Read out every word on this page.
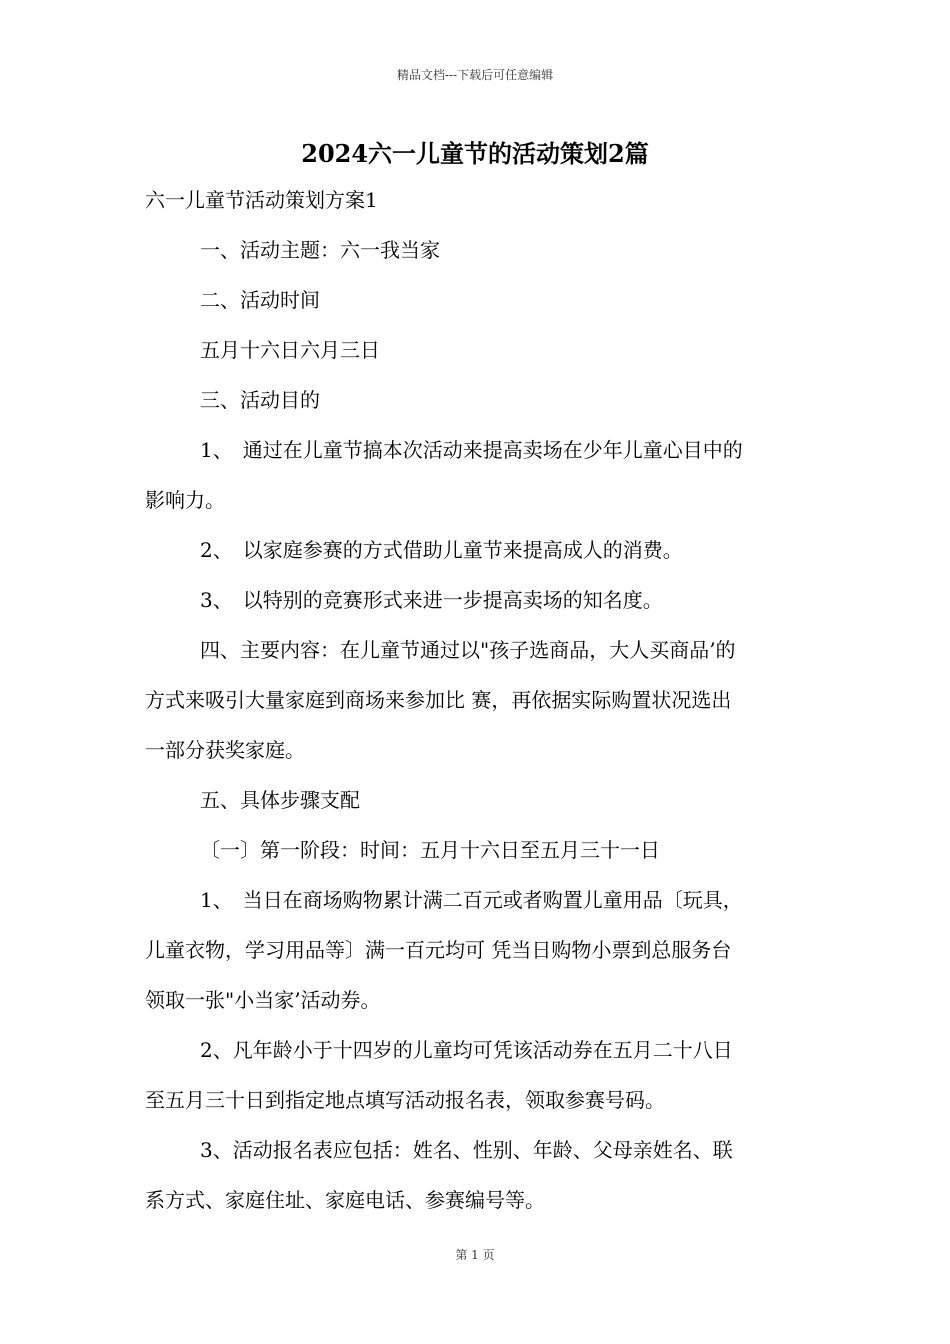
精品文档---下载后可任意编辑
2024六一儿童节的活动策划2篇
六一儿童节活动策划方案1
一、活动主题：六一我当家
二、活动时间
五月十六日六月三日
三、活动目的
1、　通过在儿童节搞本次活动来提高卖场在少年儿童心目中的
影响力。
2、　以家庭参赛的方式借助儿童节来提高成人的消费。
3、　以特别的竞赛形式来进一步提高卖场的知名度。
四、主要内容：在儿童节通过以"孩子选商品，大人买商品’的
方式来吸引大量家庭到商场来参加比 赛，再依据实际购置状况选出
一部分获奖家庭。
五、具体步骤支配
〔一〕第一阶段：时间：五月十六日至五月三十一日
1、　当日在商场购物累计满二百元或者购置儿童用品〔玩具，
儿童衣物，学习用品等〕满一百元均可 凭当日购物小票到总服务台
领取一张"小当家’活动券。
2、凡年龄小于十四岁的儿童均可凭该活动券在五月二十八日
至五月三十日到指定地点填写活动报名表，领取参赛号码。
3、活动报名表应包括：姓名、性别、年龄、父母亲姓名、联
系方式、家庭住址、家庭电话、参赛编号等。
第 1 页
